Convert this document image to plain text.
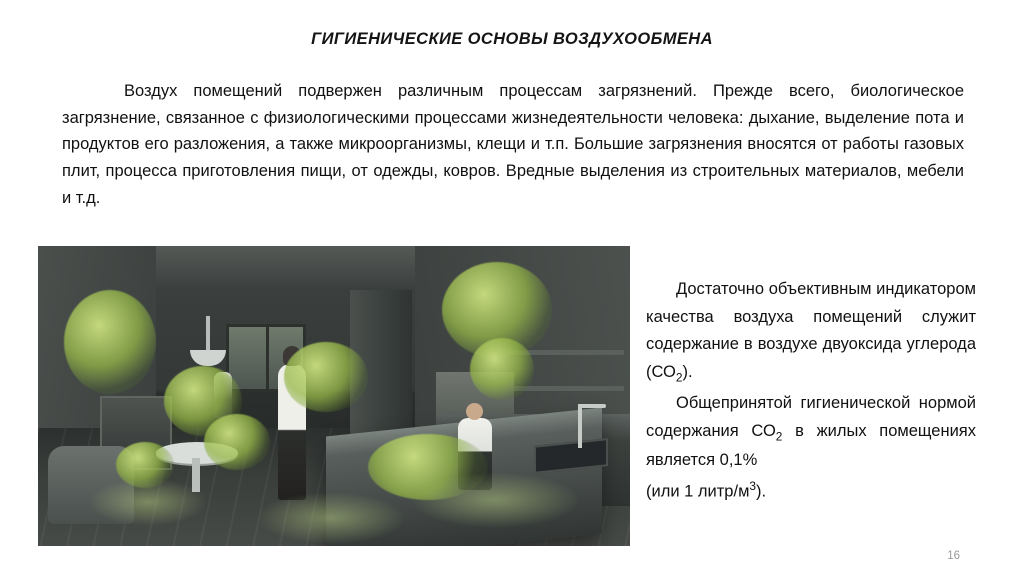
ГИГИЕНИЧЕСКИЕ ОСНОВЫ ВОЗДУХООБМЕНА
Воздух помещений подвержен различным процессам загрязнений. Прежде всего, биологическое загрязнение, связанное с физиологическими процессами жизнедеятельности человека: дыхание, выделение пота и продуктов его разложения, а также микроорганизмы, клещи и т.п. Большие загрязнения вносятся от работы газовых плит, процесса приготовления пищи, от одежды, ковров. Вредные выделения из строительных материалов, мебели и т.д.

Достаточно объективным индикатором качества воздуха помещений служит содержание в воздухе двуоксида углерода $(СО_2)$.

Общепринятой гигиенической нормой содержания $СО_2$ в жилых помещениях является 0,1%

(или 1 литр/$м^3$).

16
